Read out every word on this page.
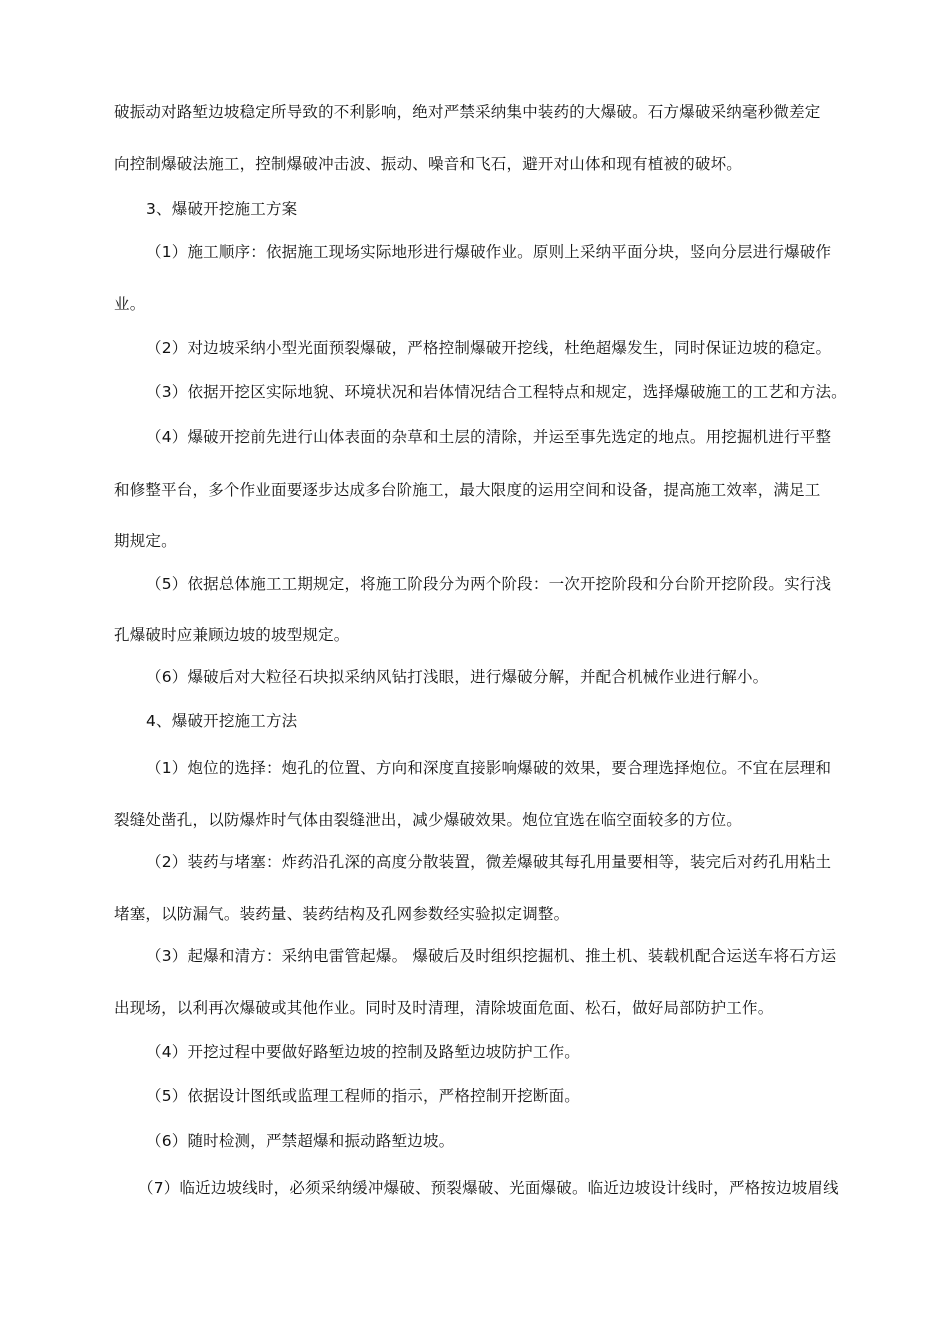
破振动对路堑边坡稳定所导致的不利影响，绝对严禁采纳集中装药的大爆破。石方爆破采纳毫秒微差定
向控制爆破法施工，控制爆破冲击波、振动、噪音和飞石，避开对山体和现有植被的破坏。
3、爆破开挖施工方案
（1）施工顺序：依据施工现场实际地形进行爆破作业。原则上采纳平面分块，竖向分层进行爆破作
业。
（2）对边坡采纳小型光面预裂爆破，严格控制爆破开挖线，杜绝超爆发生，同时保证边坡的稳定。
（3）依据开挖区实际地貌、环境状况和岩体情况结合工程特点和规定，选择爆破施工的工艺和方法。
（4）爆破开挖前先进行山体表面的杂草和土层的清除，并运至事先选定的地点。用挖掘机进行平整
和修整平台，多个作业面要逐步达成多台阶施工，最大限度的运用空间和设备，提高施工效率，满足工
期规定。
（5）依据总体施工工期规定，将施工阶段分为两个阶段：一次开挖阶段和分台阶开挖阶段。实行浅
孔爆破时应兼顾边坡的坡型规定。
（6）爆破后对大粒径石块拟采纳风钻打浅眼，进行爆破分解，并配合机械作业进行解小。
4、爆破开挖施工方法
（1）炮位的选择：炮孔的位置、方向和深度直接影响爆破的效果，要合理选择炮位。不宜在层理和
裂缝处凿孔，以防爆炸时气体由裂缝泄出，减少爆破效果。炮位宜选在临空面较多的方位。
（2）装药与堵塞：炸药沿孔深的高度分散装置，微差爆破其每孔用量要相等，装完后对药孔用粘土
堵塞，以防漏气。装药量、装药结构及孔网参数经实验拟定调整。
（3）起爆和清方：采纳电雷管起爆。 爆破后及时组织挖掘机、推土机、装载机配合运送车将石方运
出现场，以利再次爆破或其他作业。同时及时清理，清除坡面危面、松石，做好局部防护工作。
（4）开挖过程中要做好路堑边坡的控制及路堑边坡防护工作。
（5）依据设计图纸或监理工程师的指示，严格控制开挖断面。
（6）随时检测，严禁超爆和振动路堑边坡。
（7）临近边坡线时，必须采纳缓冲爆破、预裂爆破、光面爆破。临近边坡设计线时，严格按边坡眉线
